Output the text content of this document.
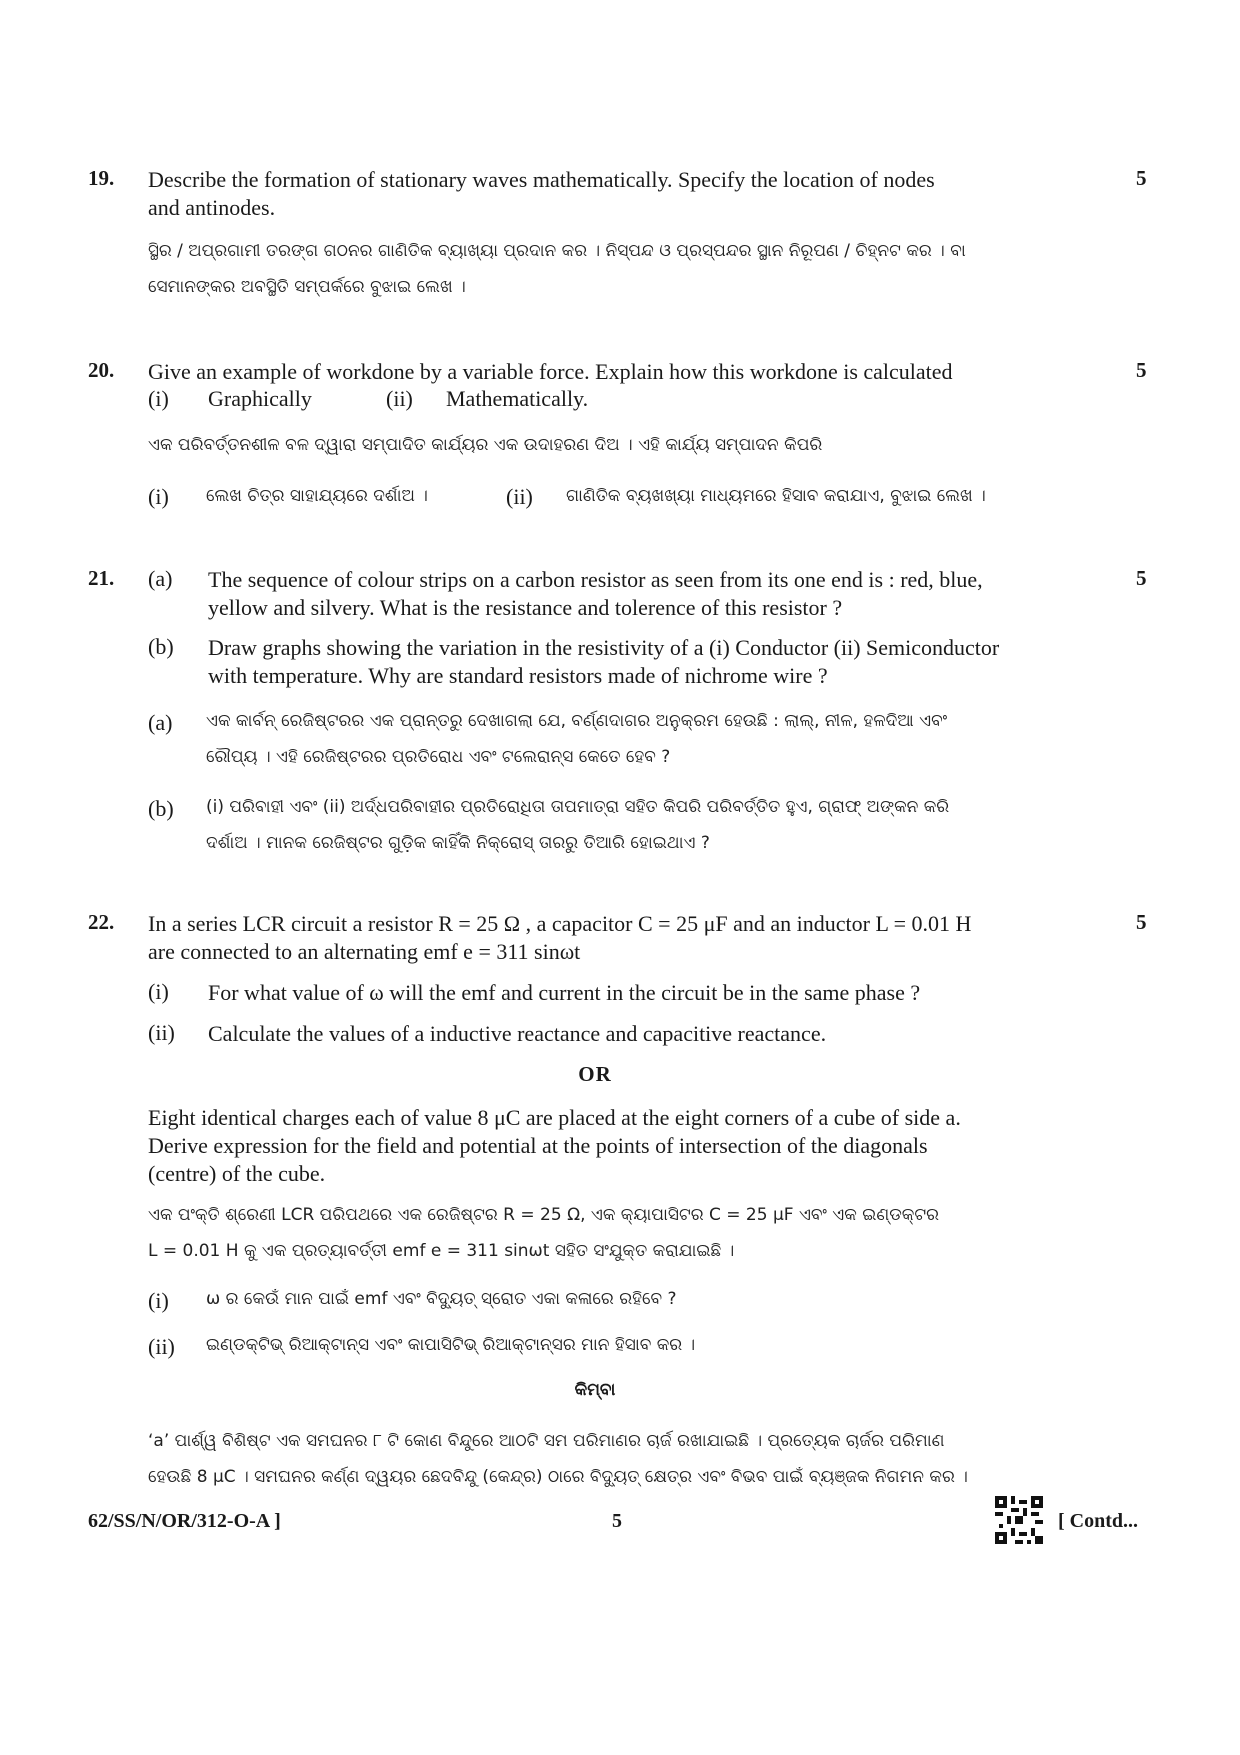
19.	5
Describe the formation of stationary waves mathematically. Specify the location of nodes
and antinodes.
ସ୍ଥିର / ଅପ୍ରଗାମୀ ତରଙ୍ଗ ଗଠନର ଗାଣିତିକ ବ୍ୟାଖ୍ୟା ପ୍ରଦାନ କର । ନିସ୍ପନ୍ଦ ଓ ପ୍ରସ୍ପନ୍ଦର ସ୍ଥାନ ନିରୂପଣ / ଚିହ୍ନଟ କର । ବା
ସେମାନଙ୍କର ଅବସ୍ଥିତି ସମ୍ପର୍କରେ ବୁଝାଇ ଲେଖ ।
20.	5
Give an example of workdone by a variable force. Explain how this workdone is calculated
(i) Graphically	(ii) Mathematically.
ଏକ ପରିବର୍ତ୍ତନଶୀଳ ବଳ ଦ୍ୱାରା ସମ୍ପାଦିତ କାର୍ଯ୍ୟର ଏକ ଉଦାହରଣ ଦିଅ । ଏହି କାର୍ଯ୍ୟ ସମ୍ପାଦନ କିପରି
(i) ଲେଖ ଚିତ୍ର ସାହାଯ୍ୟରେ ଦର୍ଶାଅ ।	(ii) ଗାଣିତିକ ବ୍ୟଖଖ୍ୟା ମାଧ୍ୟମରେ ହିସାବ କରାଯାଏ, ବୁଝାଇ ଲେଖ ।
21.	5
(a) The sequence of colour strips on a carbon resistor as seen from its one end is : red, blue,
yellow and silvery. What is the resistance and tolerence of this resistor ?
(b) Draw graphs showing the variation in the resistivity of a (i) Conductor (ii) Semiconductor
with temperature. Why are standard resistors made of nichrome wire ?
(a) ଏକ କାର୍ବନ୍ ରେଜିଷ୍ଟରର ଏକ ପ୍ରାନ୍ତରୁ ଦେଖାଗଲା ଯେ, ବର୍ଣ୍ଣଦାଗର ଅନୁକ୍ରମ ହେଉଛି : ଲାଲ୍, ନୀଳ, ହଳଦିଆ ଏବଂ
ରୌପ୍ୟ । ଏହି ରେଜିଷ୍ଟରର ପ୍ରତିରୋଧ ଏବଂ ଟଲେରାନ୍ସ କେତେ ହେବ ?
(b) (i) ପରିବାହୀ ଏବଂ (ii) ଅର୍ଦ୍ଧପରିବାହୀର ପ୍ରତିରୋଧିତା ତାପମାତ୍ରା ସହିତ କିପରି ପରିବର୍ତ୍ତିତ ହୁଏ, ଗ୍ରାଫ୍ ଅଙ୍କନ କରି
ଦର୍ଶାଅ । ମାନକ ରେଜିଷ୍ଟର ଗୁଡ଼ିକ କାହିଁକି ନିକ୍ରୋସ୍ ତାରରୁ ତିଆରି ହୋଇଥାଏ ?
22.	5
In a series LCR circuit a resistor R = 25 Ω , a capacitor C = 25 μF and an inductor L = 0.01 H
are connected to an alternating emf e = 311 sinωt
(i) For what value of ω will the emf and current in the circuit be in the same phase ?
(ii) Calculate the values of a inductive reactance and capacitive reactance.
OR
Eight identical charges each of value 8 μC are placed at the eight corners of a cube of side a.
Derive expression for the field and potential at the points of intersection of the diagonals
(centre) of the cube.
ଏକ ପଂକ୍ତି ଶ୍ରେଣୀ LCR ପରିପଥରେ ଏକ ରେଜିଷ୍ଟର R = 25 Ω, ଏକ କ୍ୟାପାସିଟର C = 25 μF ଏବଂ ଏକ ଇଣ୍ଡକ୍ଟର
L = 0.01 H କୁ ଏକ ପ୍ରତ୍ୟାବର୍ତ୍ତୀ emf e = 311 sinωt ସହିତ ସଂଯୁକ୍ତ କରାଯାଇଛି ।
(i) ω ର କେଉଁ ମାନ ପାଇଁ emf ଏବଂ ବିଦ୍ୟୁତ୍ ସ୍ରୋତ ଏକା କଳାରେ ରହିବେ ?
(ii) ଇଣ୍ଡକ୍ଟିଭ୍ ରିଆକ୍ଟାନ୍ସ ଏବଂ କାପାସିଟିଭ୍ ରିଆକ୍ଟାନ୍ସର ମାନ ହିସାବ କର ।
କିମ୍ବା
62/SS/N/OR/312-O-A ]	5	[ Contd...
‘a’ ପାର୍ଶ୍ୱ ବିଶିଷ୍ଟ ଏକ ସମଘନର ୮ ଟି କୋଣ ବିନ୍ଦୁରେ ଆଠଟି ସମ ପରିମାଣର ଚାର୍ଜ ରଖାଯାଇଛି । ପ୍ରତ୍ୟେକ ଚାର୍ଜର ପରିମାଣ
ହେଉଛି 8 μC । ସମଘନର କର୍ଣ୍ଣ ଦ୍ୱୟର ଛେଦବିନ୍ଦୁ (କେନ୍ଦ୍ର) ଠାରେ ବିଦ୍ୟୁତ୍ କ୍ଷେତ୍ର ଏବଂ ବିଭବ ପାଇଁ ବ୍ୟଞ୍ଜକ ନିଗମନ କର ।
